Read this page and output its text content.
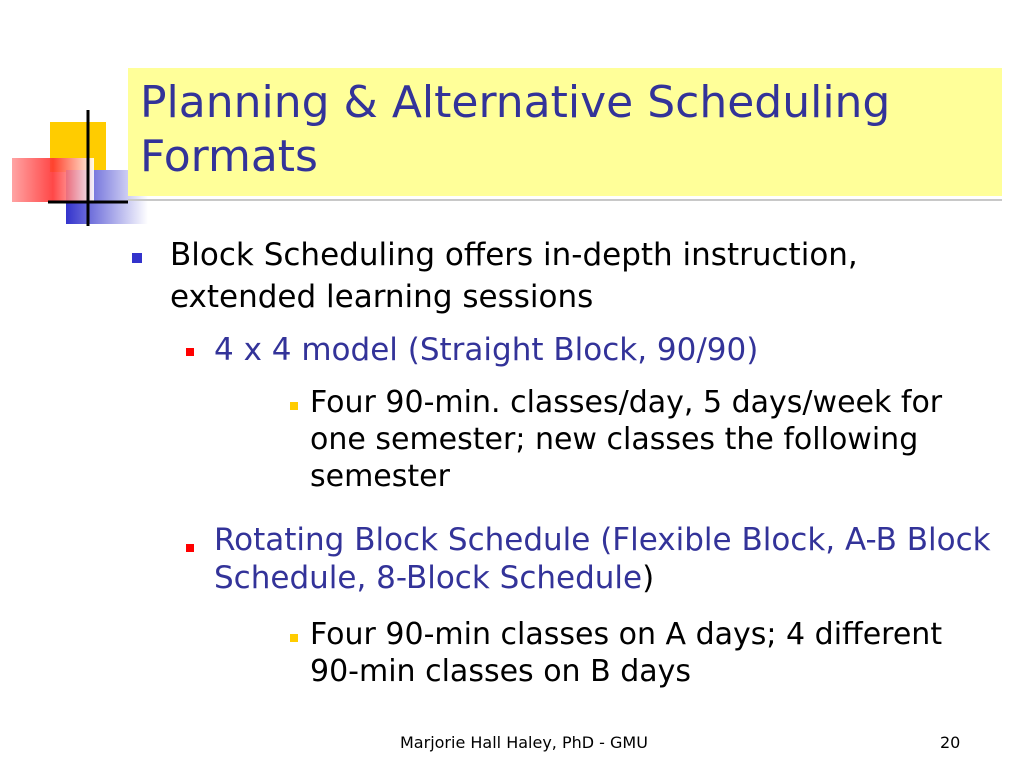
Planning & Alternative Scheduling Formats

Block Scheduling offers in-depth instruction, extended learning sessions

4 x 4 model (Straight Block, 90/90)

Four 90-min. classes/day, 5 days/week for one semester; new classes the following semester

Rotating Block Schedule (Flexible Block, A-B Block Schedule, 8-Block Schedule)

Four 90-min classes on A days; 4 different 90-min classes on B days

Marjorie Hall Haley, PhD - GMU	20
